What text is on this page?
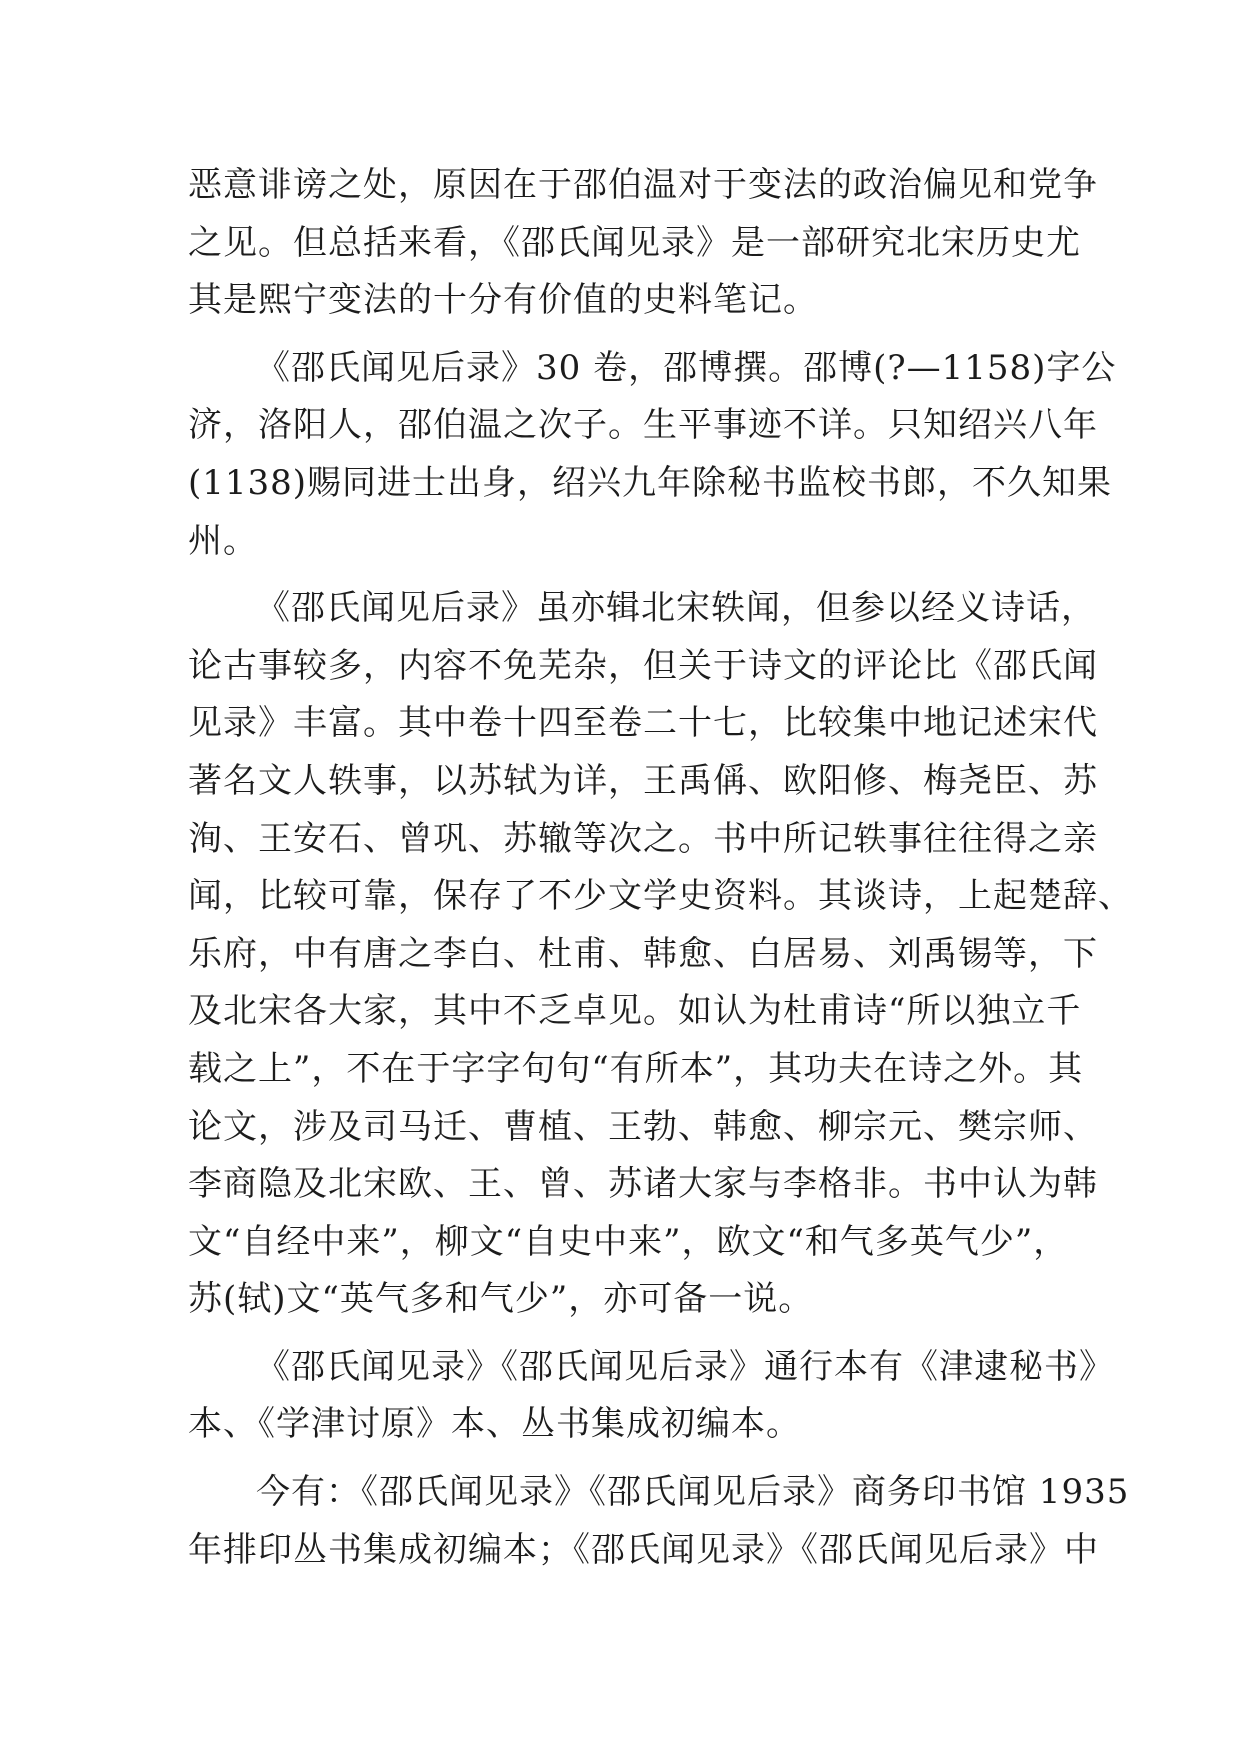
恶意诽谤之处，原因在于邵伯温对于变法的政治偏见和党争
之见。但总括来看，《邵氏闻见录》是一部研究北宋历史尤
其是熙宁变法的十分有价值的史料笔记。
《邵氏闻见后录》30 卷，邵博撰。邵博(?—1158)字公
济，洛阳人，邵伯温之次子。生平事迹不详。只知绍兴八年
(1138)赐同进士出身，绍兴九年除秘书监校书郎，不久知果
州。
《邵氏闻见后录》虽亦辑北宋轶闻，但参以经义诗话，
论古事较多，内容不免芜杂，但关于诗文的评论比《邵氏闻
见录》丰富。其中卷十四至卷二十七，比较集中地记述宋代
著名文人轶事，以苏轼为详，王禹偁、欧阳修、梅尧臣、苏
洵、王安石、曾巩、苏辙等次之。书中所记轶事往往得之亲
闻，比较可靠，保存了不少文学史资料。其谈诗，上起楚辞、
乐府，中有唐之李白、杜甫、韩愈、白居易、刘禹锡等，下
及北宋各大家，其中不乏卓见。如认为杜甫诗“所以独立千
载之上”，不在于字字句句“有所本”，其功夫在诗之外。其
论文，涉及司马迁、曹植、王勃、韩愈、柳宗元、樊宗师、
李商隐及北宋欧、王、曾、苏诸大家与李格非。书中认为韩
文“自经中来”，柳文“自史中来”，欧文“和气多英气少”，
苏(轼)文“英气多和气少”，亦可备一说。
《邵氏闻见录》《邵氏闻见后录》通行本有《津逮秘书》
本、《学津讨原》本、丛书集成初编本。
今有：《邵氏闻见录》《邵氏闻见后录》商务印书馆 1935
年排印丛书集成初编本；《邵氏闻见录》《邵氏闻见后录》中
